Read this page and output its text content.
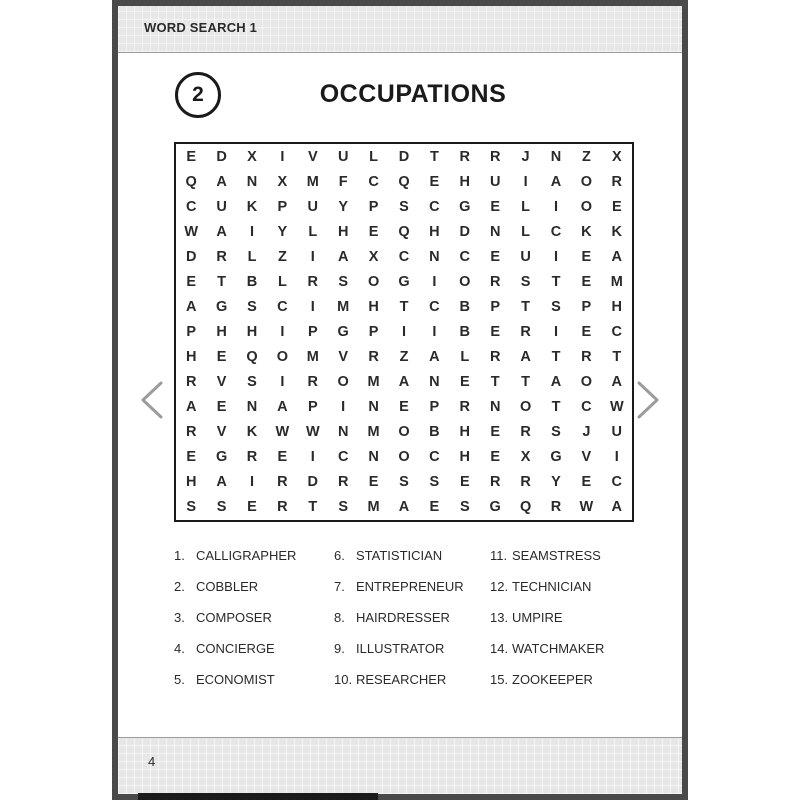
WORD SEARCH 1
2	OCCUPATIONS
E	D	X	I	V	U	L	D	T	R	R	J	N	Z	X
Q	A	N	X	M	F	C	Q	E	H	U	I	A	O	R
C	U	K	P	U	Y	P	S	C	G	E	L	I	O	E
W	A	I	Y	L	H	E	Q	H	D	N	L	C	K	K
D	R	L	Z	I	A	X	C	N	C	E	U	I	E	A
E	T	B	L	R	S	O	G	I	O	R	S	T	E	M
A	G	S	C	I	M	H	T	C	B	P	T	S	P	H
P	H	H	I	P	G	P	I	I	B	E	R	I	E	C
H	E	Q	O	M	V	R	Z	A	L	R	A	T	R	T
R	V	S	I	R	O	M	A	N	E	T	T	A	O	A
A	E	N	A	P	I	N	E	P	R	N	O	T	C	W
R	V	K	W	W	N	M	O	B	H	E	R	S	J	U
E	G	R	E	I	C	N	O	C	H	E	X	G	V	I
H	A	I	R	D	R	E	S	S	E	R	R	Y	E	C
S	S	E	R	T	S	M	A	E	S	G	Q	R	W	A
1. CALLIGRAPHER
2. COBBLER
3. COMPOSER
4. CONCIERGE
5. ECONOMIST
6. STATISTICIAN
7. ENTREPRENEUR
8. HAIRDRESSER
9. ILLUSTRATOR
10. RESEARCHER
11. SEAMSTRESS
12. TECHNICIAN
13. UMPIRE
14. WATCHMAKER
15. ZOOKEEPER
4
